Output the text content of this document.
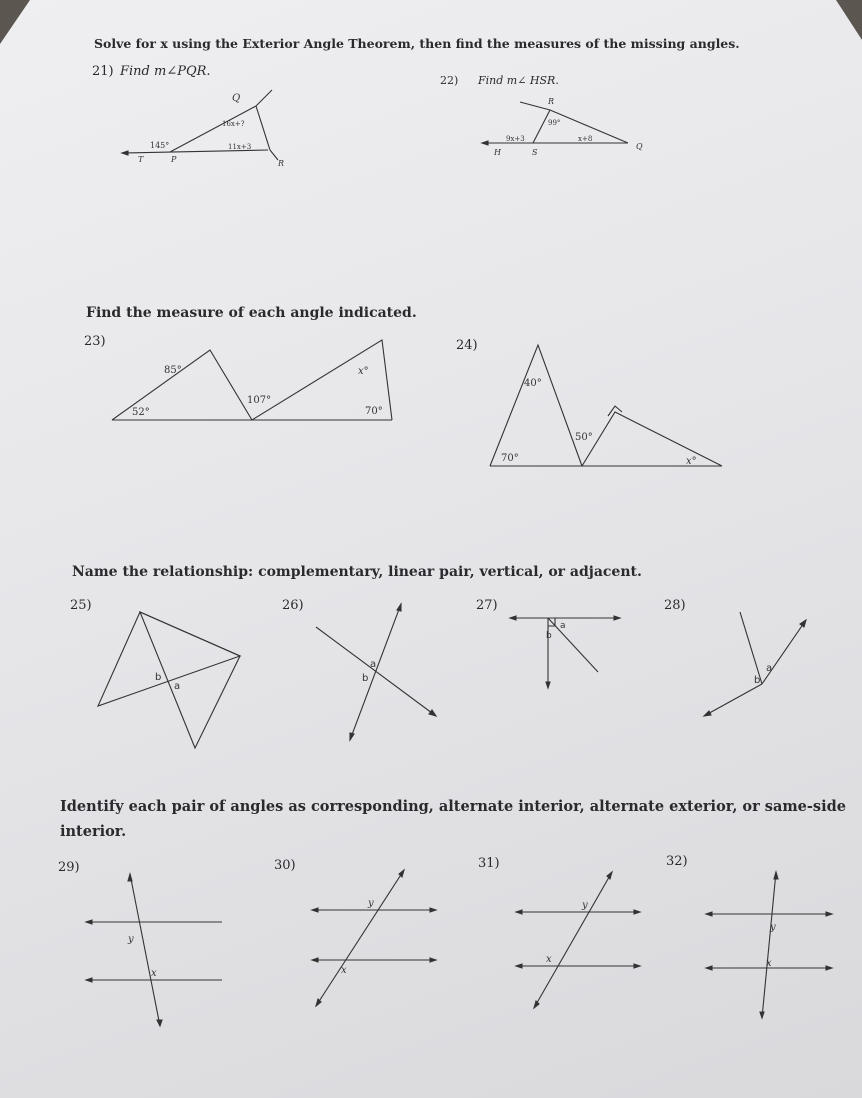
Solve for x using the Exterior Angle Theorem, then find the measures of the missing angles.
21) Find m∠PQR.
22) Find m∠ HSR.
Q
T	P	R
145°
16x+?
11x+3
R
H	S
Q
99°
9x+3	x+8
85°
52°
107°
70°
x°
40°
70°
50°
x°
b
a
a
b
a
b
a
b
y
x
y
x
y
x
y
x
Find the measure of each angle indicated.
23)	24)
Name the relationship: complementary, linear pair, vertical, or adjacent.
25)	26)	27)	28)
Identify each pair of angles as corresponding, alternate interior, alternate exterior, or same-side
interior.
29)	30)	31)	32)
